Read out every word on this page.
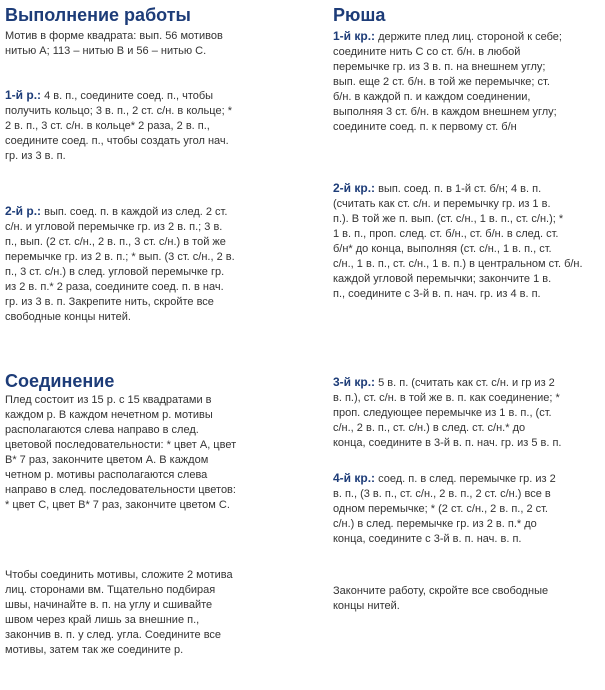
Выполнение работы

Мотив в форме квадрата: вып. 56 мотивов
нитью А; 113 – нитью В и 56 – нитью С.

1-й р.: 4 в. п., соедините соед. п., чтобы
получить кольцо; 3 в. п., 2 ст. с/н. в кольце; *
2 в. п., 3 ст. с/н. в кольце* 2 раза, 2 в. п.,
соедините соед. п., чтобы создать угол нач.
гр. из 3 в. п.

2-й р.: вып. соед. п. в каждой из след. 2 ст.
с/н. и угловой перемычке гр. из 2 в. п.; 3 в.
п., вып. (2 ст. с/н., 2 в. п., 3 ст. с/н.) в той же
перемычке гр. из 2 в. п.; * вып. (3 ст. с/н., 2 в.
п., 3 ст. с/н.) в след. угловой перемычке гр.
из 2 в. п.* 2 раза, соедините соед. п. в нач.
гр. из 3 в. п. Закрепите нить, скройте все
свободные концы нитей.

Соединение

Плед состоит из 15 р. с 15 квадратами в
каждом р. В каждом нечетном р. мотивы
располагаются слева направо в след.
цветовой последовательности: * цвет А, цвет
В* 7 раз, закончите цветом А. В каждом
четном р. мотивы располагаются слева
направо в след. последовательности цветов:
* цвет С, цвет В* 7 раз, закончите цветом С.

Чтобы соединить мотивы, сложите 2 мотива
лиц. сторонами вм. Тщательно подбирая
швы, начинайте в. п. на углу и сшивайте
швом через край лишь за внешние п.,
закончив в. п. у след. угла. Соедините все
мотивы, затем так же соедините р.

Рюша

1-й кр.: держите плед лиц. стороной к себе;
соедините нить С со ст. б/н. в любой
перемычке гр. из 3 в. п. на внешнем углу;
вып. еще 2 ст. б/н. в той же перемычке; ст.
б/н. в каждой п. и каждом соединении,
выполняя 3 ст. б/н. в каждом внешнем углу;
соедините соед. п. к первому ст. б/н

2-й кр.: вып. соед. п. в 1-й ст. б/н; 4 в. п.
(считать как ст. с/н. и перемычку гр. из 1 в.
п.). В той же п. вып. (ст. с/н., 1 в. п., ст. с/н.); *
1 в. п., проп. след. ст. б/н., ст. б/н. в след. ст.
б/н* до конца, выполняя (ст. с/н., 1 в. п., ст.
с/н., 1 в. п., ст. с/н., 1 в. п.) в центральном ст. б/н.
каждой угловой перемычки; закончите 1 в.
п., соедините с 3-й в. п. нач. гр. из 4 в. п.

3-й кр.: 5 в. п. (считать как ст. с/н. и гр из 2
в. п.), ст. с/н. в той же в. п. как соединение; *
проп. следующее перемычке из 1 в. п., (ст.
с/н., 2 в. п., ст. с/н.) в след. ст. с/н.* до
конца, соедините в 3-й в. п. нач. гр. из 5 в. п.

4-й кр.: соед. п. в след. перемычке гр. из 2
в. п., (3 в. п., ст. с/н., 2 в. п., 2 ст. с/н.) все в
одном перемычке; * (2 ст. с/н., 2 в. п., 2 ст.
с/н.) в след. перемычке гр. из 2 в. п.* до
конца, соедините с 3-й в. п. нач. в. п.

Закончите работу, скройте все свободные
концы нитей.
